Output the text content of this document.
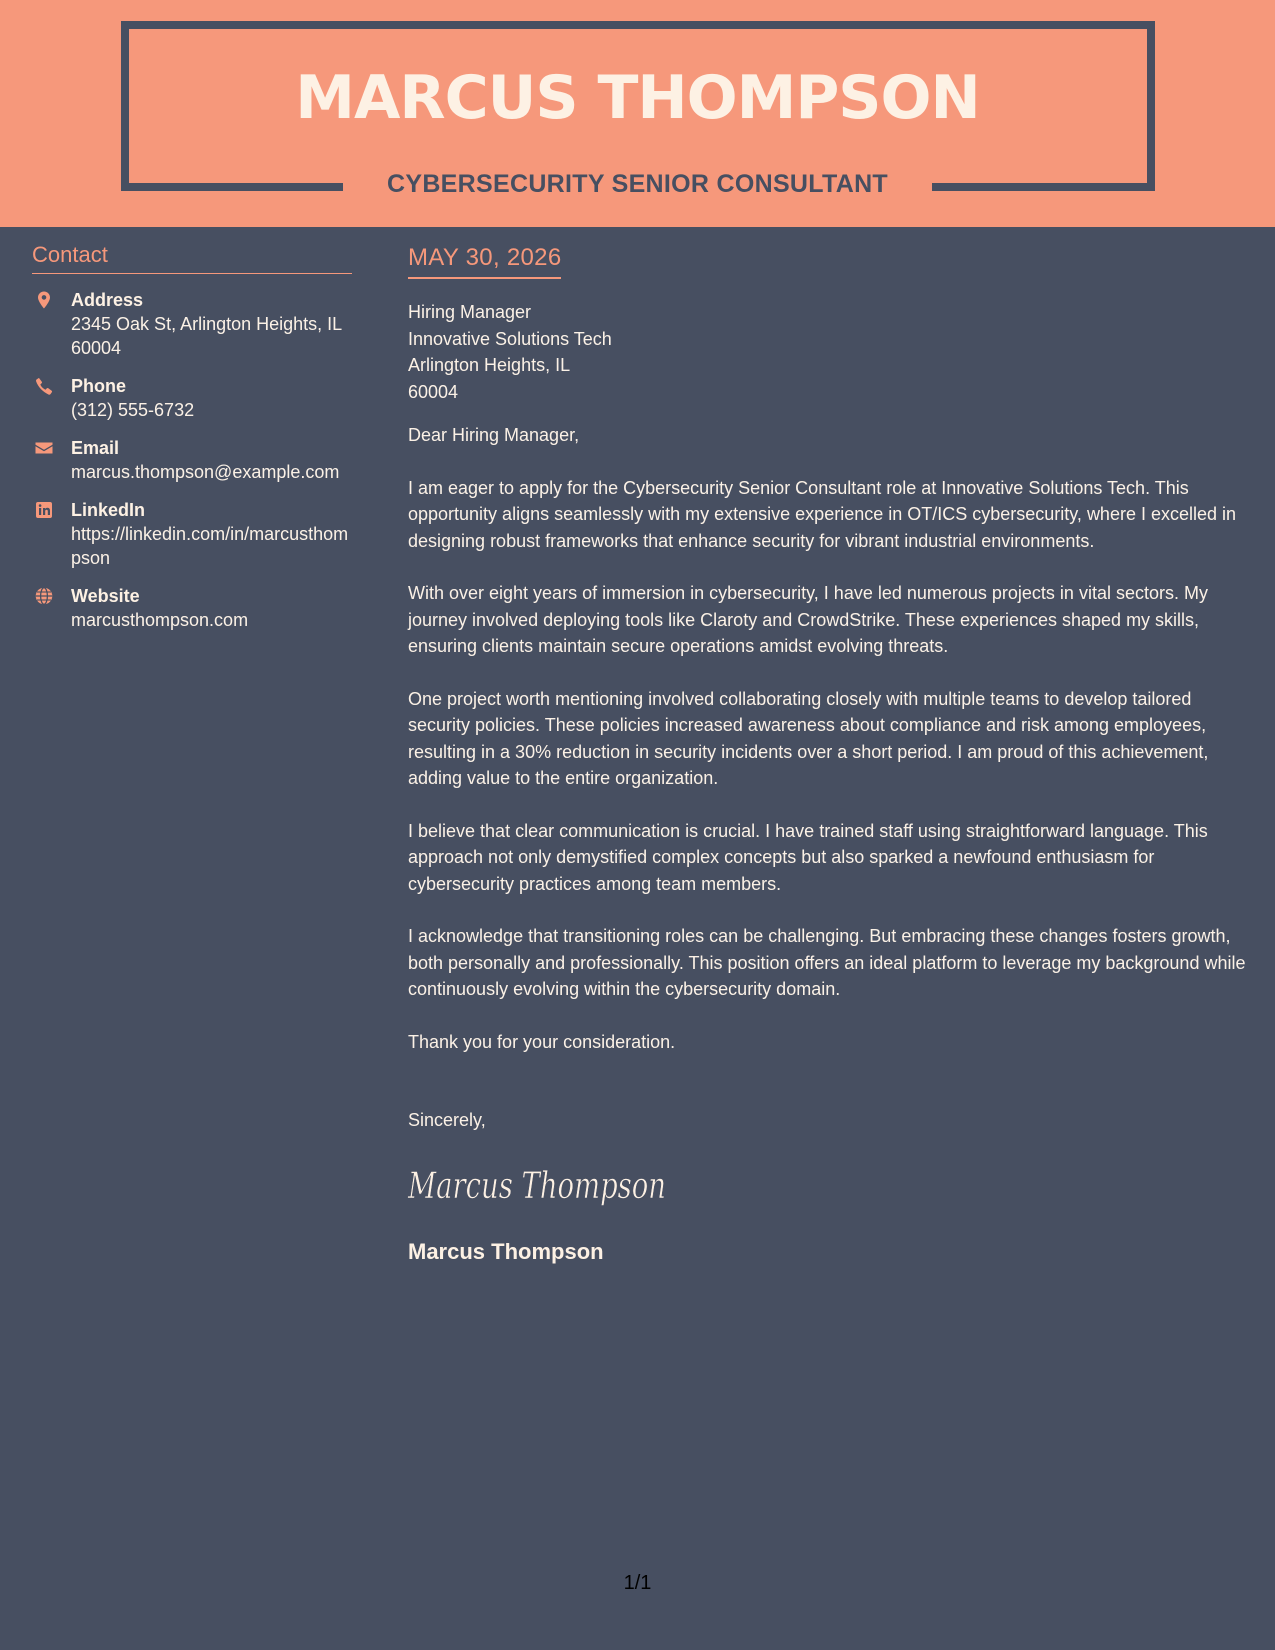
MARCUS THOMPSON
CYBERSECURITY SENIOR CONSULTANT
Contact
Address
2345 Oak St, Arlington Heights, IL 60004
Phone
(312) 555-6732
Email
marcus.thompson@example.com
LinkedIn
https://linkedin.com/in/marcusthompson
Website
marcusthompson.com
MAY 30, 2026
Hiring Manager
Innovative Solutions Tech
Arlington Heights, IL
60004
Dear Hiring Manager,
I am eager to apply for the Cybersecurity Senior Consultant role at Innovative Solutions Tech. This opportunity aligns seamlessly with my extensive experience in OT/ICS cybersecurity, where I excelled in designing robust frameworks that enhance security for vibrant industrial environments.
With over eight years of immersion in cybersecurity, I have led numerous projects in vital sectors. My journey involved deploying tools like Claroty and CrowdStrike. These experiences shaped my skills, ensuring clients maintain secure operations amidst evolving threats.
One project worth mentioning involved collaborating closely with multiple teams to develop tailored security policies. These policies increased awareness about compliance and risk among employees, resulting in a 30% reduction in security incidents over a short period. I am proud of this achievement, adding value to the entire organization.
I believe that clear communication is crucial. I have trained staff using straightforward language. This approach not only demystified complex concepts but also sparked a newfound enthusiasm for cybersecurity practices among team members.
I acknowledge that transitioning roles can be challenging. But embracing these changes fosters growth, both personally and professionally. This position offers an ideal platform to leverage my background while continuously evolving within the cybersecurity domain.
Thank you for your consideration.
Sincerely,
Marcus Thompson
Marcus Thompson
1/1
